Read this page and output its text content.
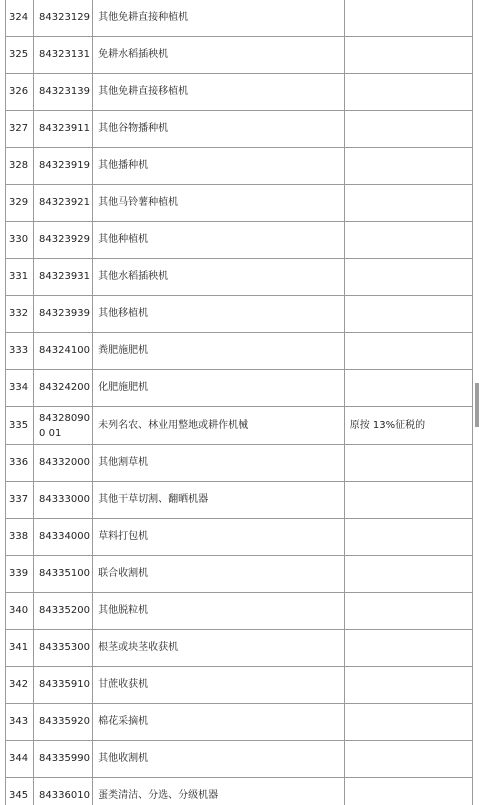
324	84323129	其他免耕直接种植机	
325	84323131	免耕水稻插秧机	
326	84323139	其他免耕直接移植机	
327	84323911	其他谷物播种机	
328	84323919	其他播种机	
329	84323921	其他马铃薯种植机	
330	84323929	其他种植机	
331	84323931	其他水稻插秧机	
332	84323939	其他移植机	
333	84324100	粪肥施肥机	
334	84324200	化肥施肥机	
335	843280900 01	未列名农、林业用整地或耕作机械	原按 13%征税的
336	84332000	其他割草机	
337	84333000	其他干草切割、翻晒机器	
338	84334000	草料打包机	
339	84335100	联合收割机	
340	84335200	其他脱粒机	
341	84335300	根茎或块茎收获机	
342	84335910	甘蔗收获机	
343	84335920	棉花采摘机	
344	84335990	其他收割机	
345	84336010	蛋类清洁、分选、分级机器	
